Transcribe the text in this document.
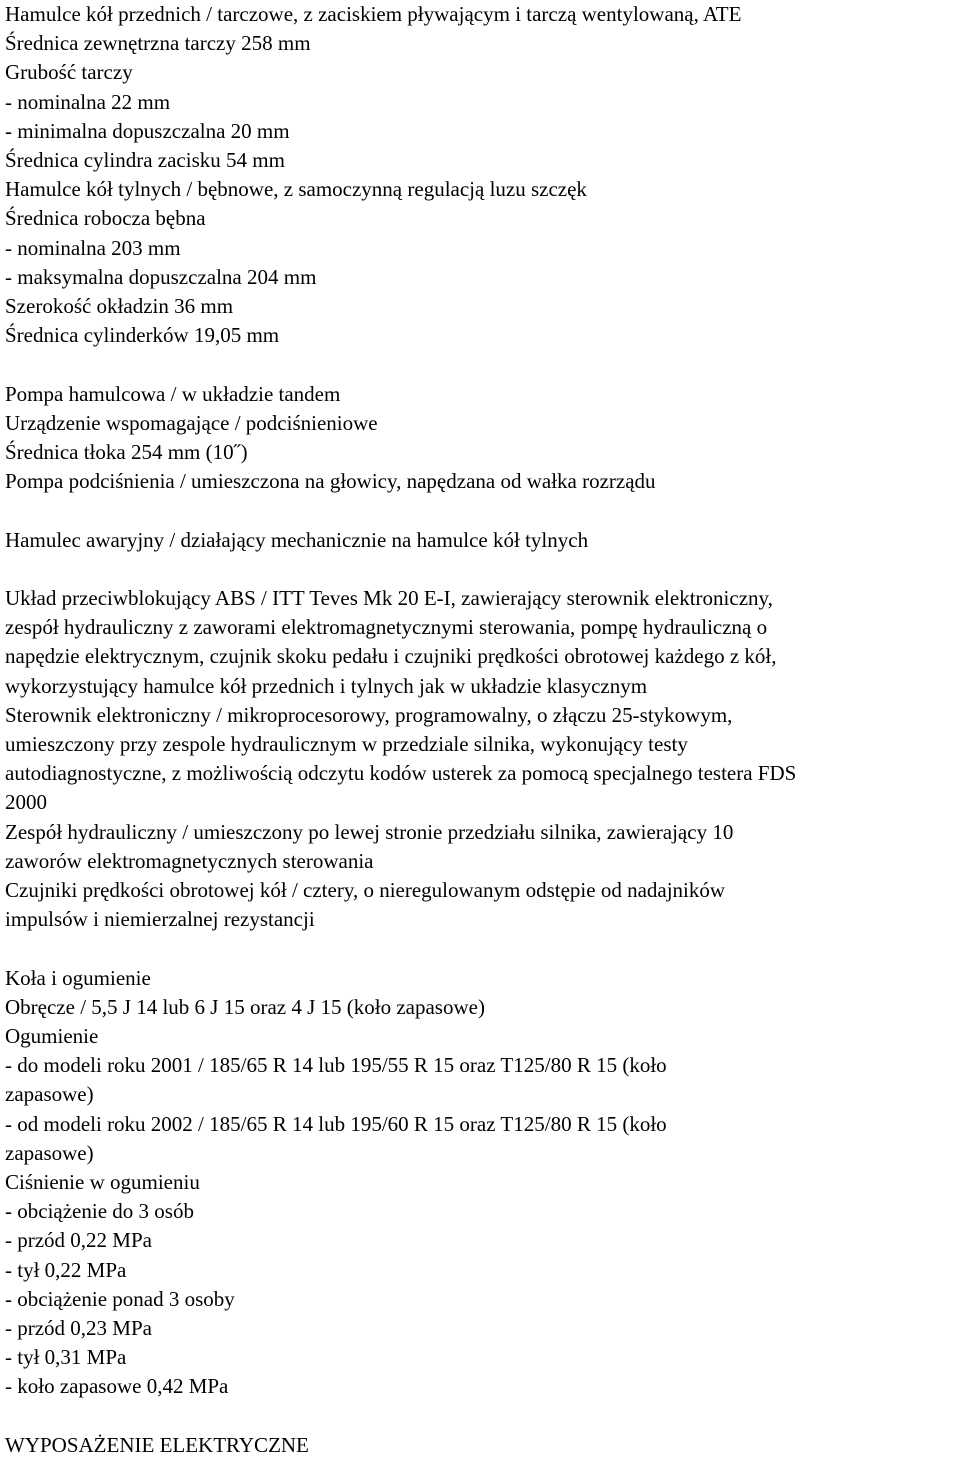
Hamulce kół przednich / tarczowe, z zaciskiem pływającym i tarczą wentylowaną, ATE
Średnica zewnętrzna tarczy 258 mm
Grubość tarczy
- nominalna 22 mm
- minimalna dopuszczalna 20 mm
Średnica cylindra zacisku 54 mm
Hamulce kół tylnych / bębnowe, z samoczynną regulacją luzu szczęk
Średnica robocza bębna
- nominalna 203 mm
- maksymalna dopuszczalna 204 mm
Szerokość okładzin 36 mm
Średnica cylinderków 19,05 mm
Pompa hamulcowa / w układzie tandem
Urządzenie wspomagające / podciśnieniowe
Średnica tłoka 254 mm (10˝)
Pompa podciśnienia / umieszczona na głowicy, napędzana od wałka rozrządu
Hamulec awaryjny / działający mechanicznie na hamulce kół tylnych
Układ przeciwblokujący ABS / ITT Teves Mk 20 E-I, zawierający sterownik elektroniczny,
zespół hydrauliczny z zaworami elektromagnetycznymi sterowania, pompę hydrauliczną o
napędzie elektrycznym, czujnik skoku pedału i czujniki prędkości obrotowej każdego z kół,
wykorzystujący hamulce kół przednich i tylnych jak w układzie klasycznym
Sterownik elektroniczny / mikroprocesorowy, programowalny, o złączu 25-stykowym,
umieszczony przy zespole hydraulicznym w przedziale silnika, wykonujący testy
autodiagnostyczne, z możliwością odczytu kodów usterek za pomocą specjalnego testera FDS
2000
Zespół hydrauliczny / umieszczony po lewej stronie przedziału silnika, zawierający 10
zaworów elektromagnetycznych sterowania
Czujniki prędkości obrotowej kół / cztery, o nieregulowanym odstępie od nadajników
impulsów i niemierzalnej rezystancji
Koła i ogumienie
Obręcze / 5,5 J 14 lub 6 J 15 oraz 4 J 15 (koło zapasowe)
Ogumienie
- do modeli roku 2001 / 185/65 R 14 lub 195/55 R 15 oraz T125/80 R 15 (koło
zapasowe)
- od modeli roku 2002 / 185/65 R 14 lub 195/60 R 15 oraz T125/80 R 15 (koło
zapasowe)
Ciśnienie w ogumieniu
- obciążenie do 3 osób
- przód 0,22 MPa
- tył 0,22 MPa
- obciążenie ponad 3 osoby
- przód 0,23 MPa
- tył 0,31 MPa
- koło zapasowe 0,42 MPa
WYPOSAŻENIE ELEKTRYCZNE
